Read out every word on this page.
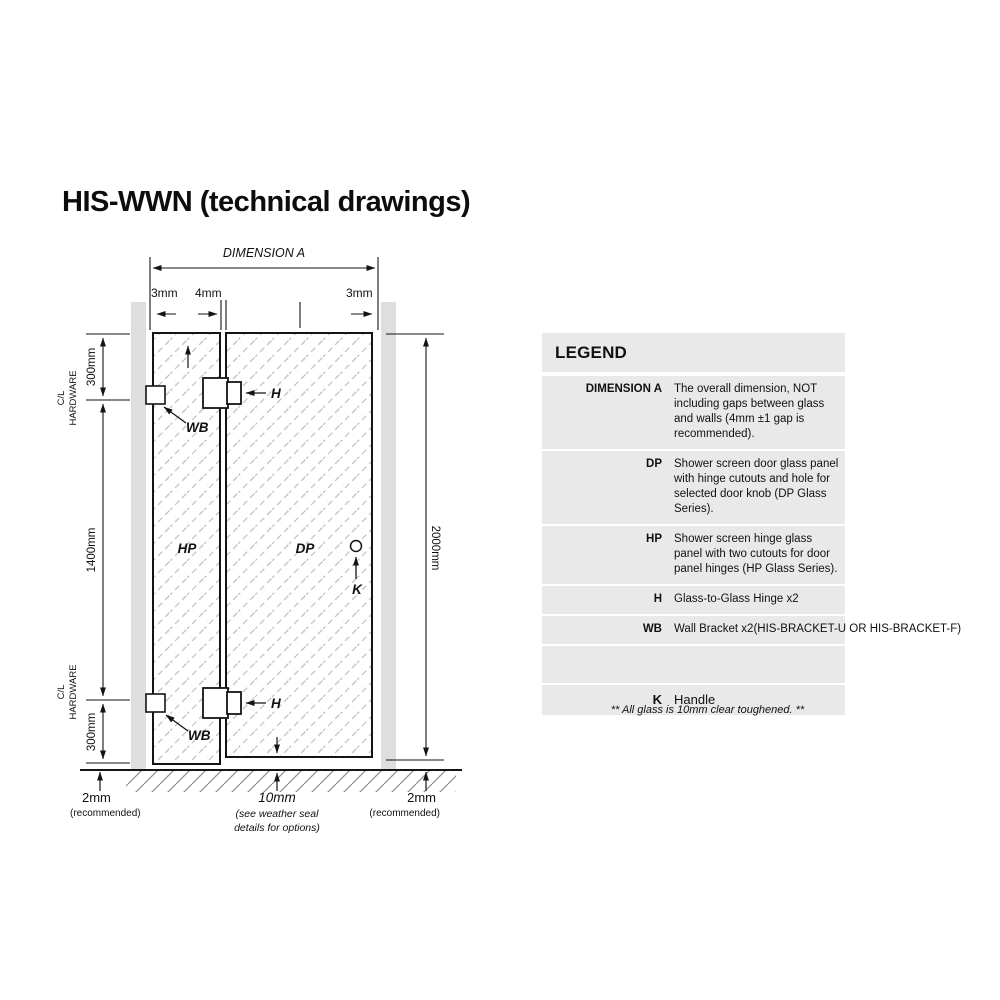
HIS-WWN (technical drawings)
DIMENSION A
3mm 4mm	3mm
HP	DP
H
H
WB
WB
K
300mm
1400mm
300mm
C/L HARDWARE
C/L HARDWARE
2000mm
2mm
(recommended)
10mm
(see weather seal
details for options)
2mm
(recommended)
LEGEND
DIMENSION A	The overall dimension, NOT including gaps between glass and walls (4mm ±1 gap is recommended).
DP	Shower screen door glass panel with hinge cutouts and hole for selected door knob (DP Glass Series).
HP	Shower screen hinge glass panel with two cutouts for door panel hinges (HP Glass Series).
H	Glass-to-Glass Hinge x2
WB	Wall Bracket x2(HIS-BRACKET-U OR HIS-BRACKET-F)
K Handle
** All glass is 10mm clear toughened. **
